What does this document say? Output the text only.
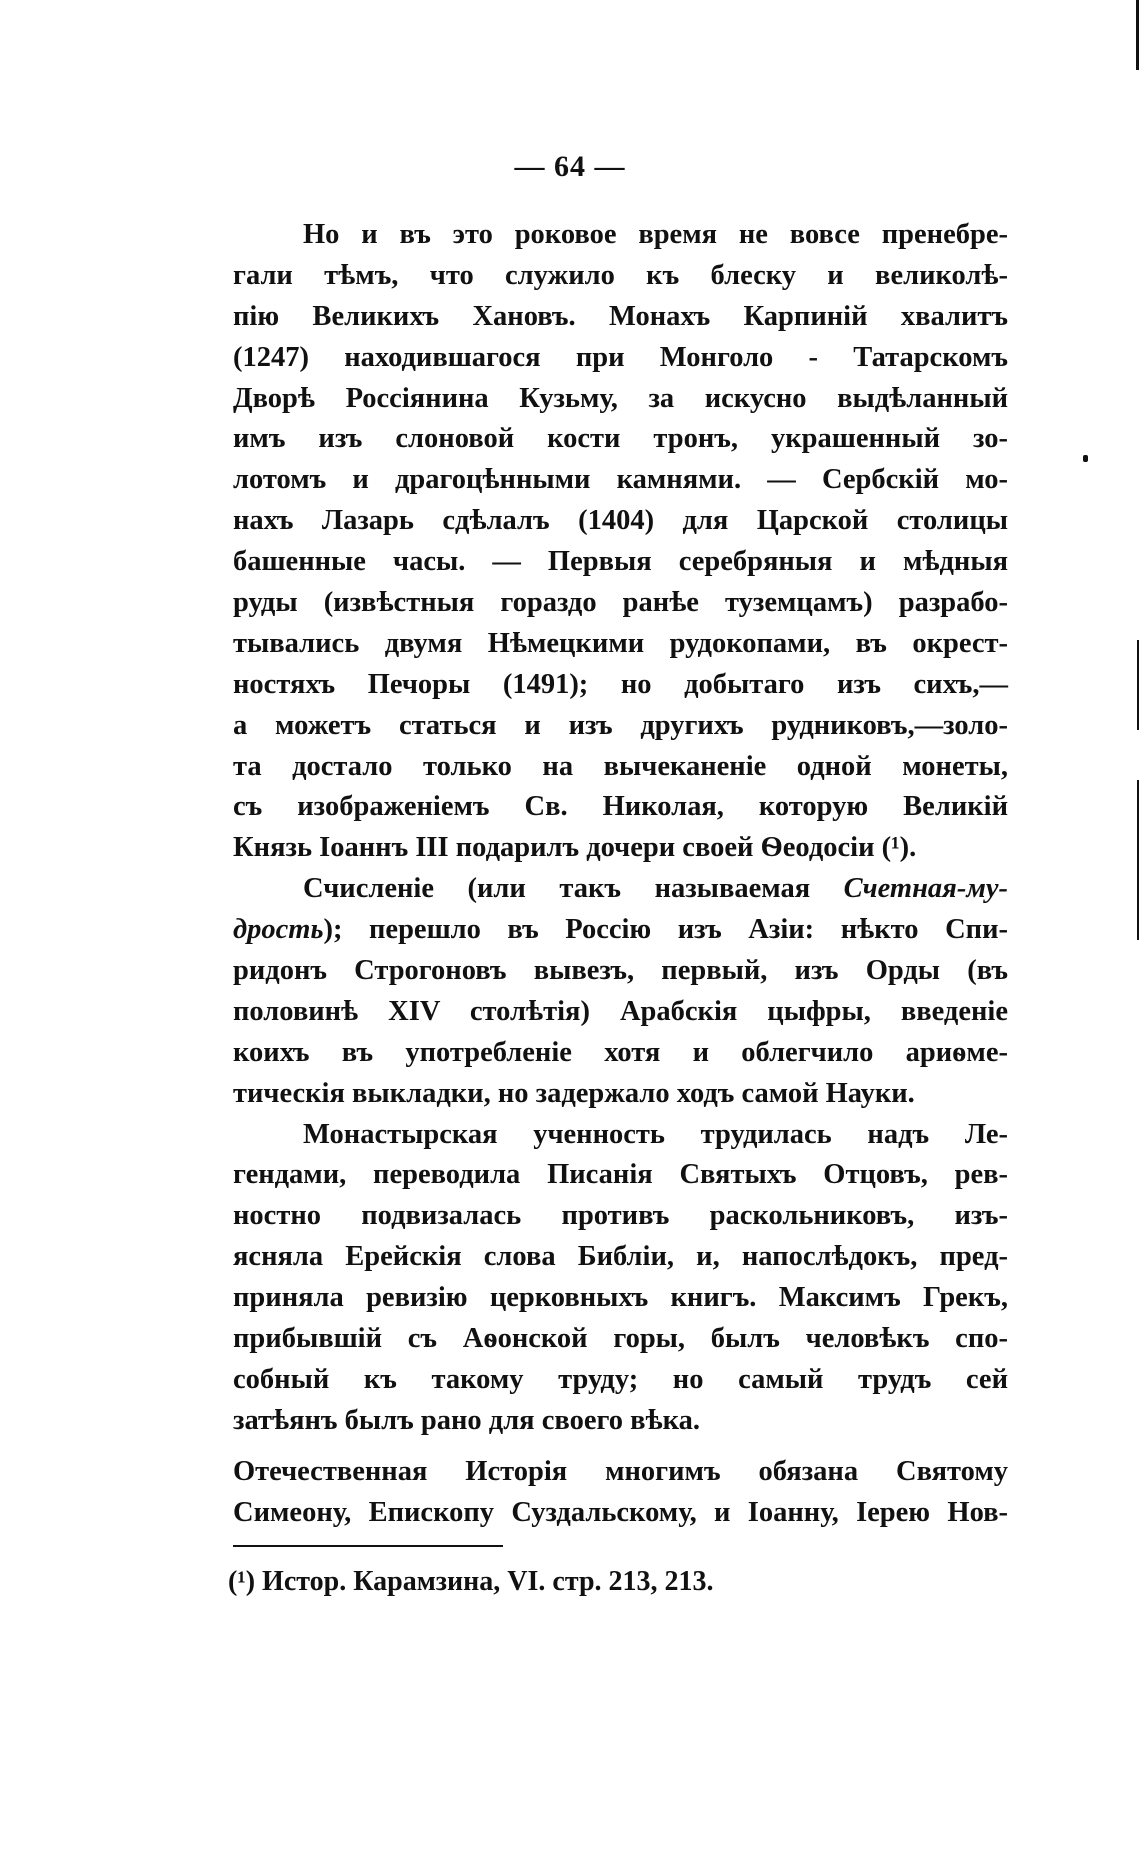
— 64 —
Но и въ это роковое время не вовсе пренебре-
гали тѣмъ, что служило къ блеску и великолѣ-
пію Великихъ Хановъ. Монахъ Карпиній хвалитъ
(1247) находившагося при Монголо - Татарскомъ
Дворѣ Россіянина Кузьму, за искусно выдѣланный
имъ изъ слоновой кости тронъ, украшенный зо-
лотомъ и драгоцѣнными камнями. — Сербскій мо-
нахъ Лазарь сдѣлалъ (1404) для Царской столицы
башенные часы. — Первыя серебряныя и мѣдныя
руды (извѣстныя гораздо ранѣе туземцамъ) разрабо-
тывались двумя Нѣмецкими рудокопами, въ окрест-
ностяхъ Печоры (1491); но добытаго изъ сихъ,—
а можетъ статься и изъ другихъ рудниковъ,—золо-
та достало только на вычеканеніе одной монеты,
съ изображеніемъ Св. Николая, которую Великій
Князь Іоаннъ III подарилъ дочери своей Ѳеодосіи (¹).
Счисленіе (или такъ называемая Счетная-му-
дрость); перешло въ Россію изъ Азіи: нѣкто Спи-
ридонъ Строгоновъ вывезъ, первый, изъ Орды (въ
половинѣ XIV столѣтія) Арабскія цыфры, введеніе
коихъ въ употребленіе хотя и облегчило ариѳме-
тическія выкладки, но задержало ходъ самой Науки.
Монастырская ученность трудилась надъ Ле-
гендами, переводила Писанія Святыхъ Отцовъ, рев-
ностно подвизалась противъ раскольниковъ, изъ-
ясняла Ерейскія слова Библіи, и, напослѣдокъ, пред-
приняла ревизію церковныхъ книгъ. Максимъ Грекъ,
прибывшій съ Аѳонской горы, былъ человѣкъ спо-
собный къ такому труду; но самый трудъ сей
затѣянъ былъ рано для своего вѣка.
Отечественная Исторія многимъ обязана Святому
Симеону, Епископу Суздальскому, и Іоанну, Іерею Нов-
(¹) Истор. Карамзина, VI. стр. 213, 213.
